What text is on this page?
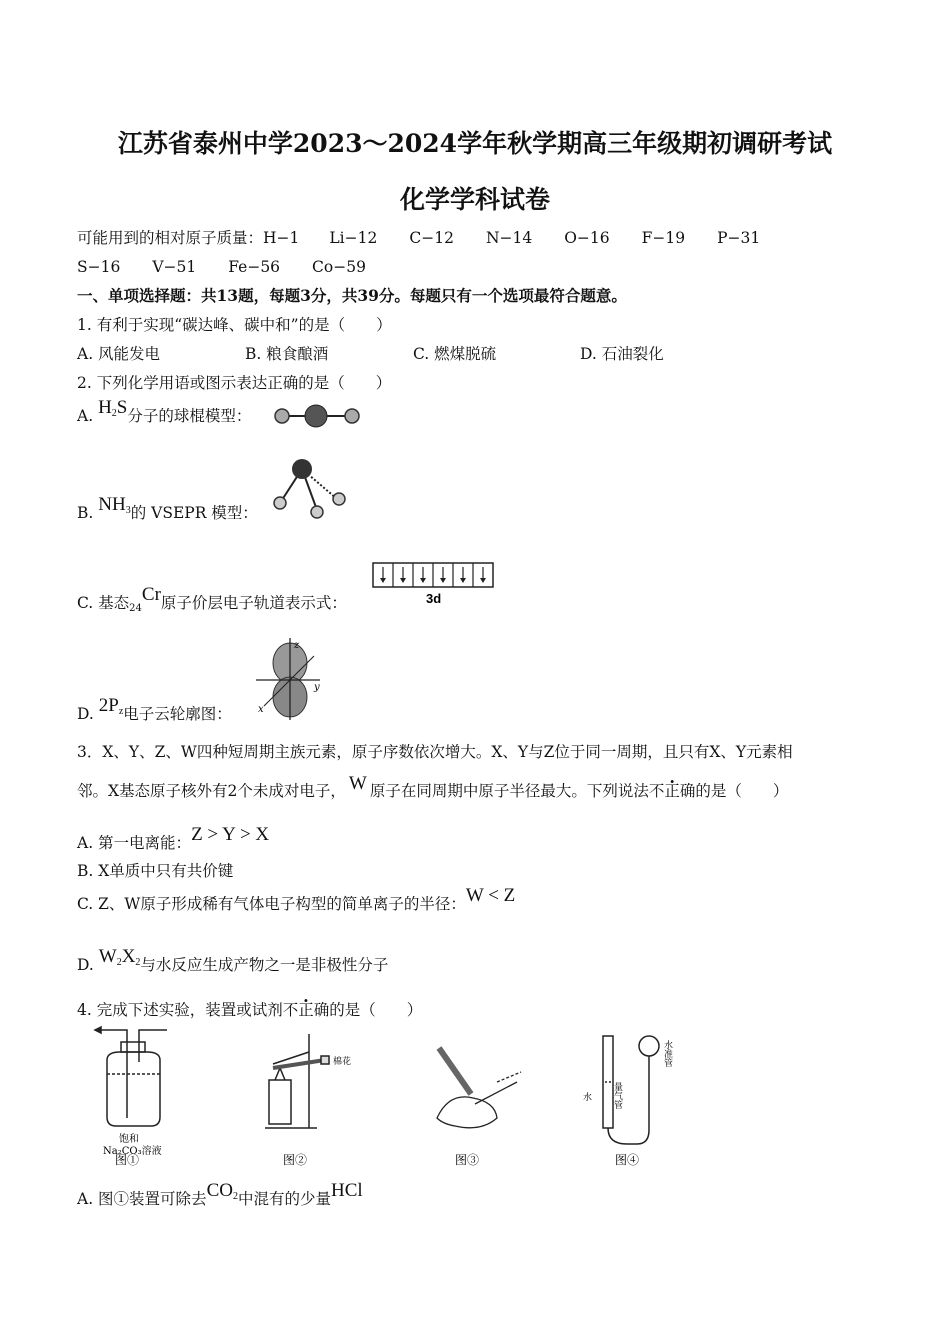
江苏省泰州中学2023～2024学年秋学期高三年级期初调研考试
化学学科试卷
可能用到的相对原子质量：H−1 Li−12 C−12 N−14 O−16 F−19 P−31
S−16 V−51 Fe−56 Co−59
一、单项选择题：共13题，每题3分，共39分。每题只有一个选项最符合题意。
1. 有利于实现“碳达峰、碳中和”的是（　　）
A. 风能发电	B. 粮食酿酒	C. 燃煤脱硫	D. 石油裂化
2. 下列化学用语或图示表达正确的是（　　）
A. $H_2S$分子的球棍模型：
B. $NH_3$的 VSEPR 模型：
C. 基态24Cr原子价层电子轨道表示式：	3d
D. $2P_z$电子云轮廓图：
z
y
x
3．X、Y、Z、W四种短周期主族元素，原子序数依次增大。X、Y与Z位于同一周期，且只有X、Y元素相
邻。X基态原子核外有2个未成对电子， W 原子在同周期中原子半径最大。下列说法不正确的是（　　）
A. 第一电离能：Z > Y > X
B. X单质中只有共价键
C. Z、W原子形成稀有气体电子构型的简单离子的半径：W < Z
D. $W_2X_2$与水反应生成产物之一是非极性分子
4. 完成下述实验，装置或试剂不正确的是（　　）
饱和
Na₂CO₃溶液
棉花
水 量气管
水准管
图①	图②	图③	图④
A. 图①装置可除去$CO_2$中混有的少量HCl
